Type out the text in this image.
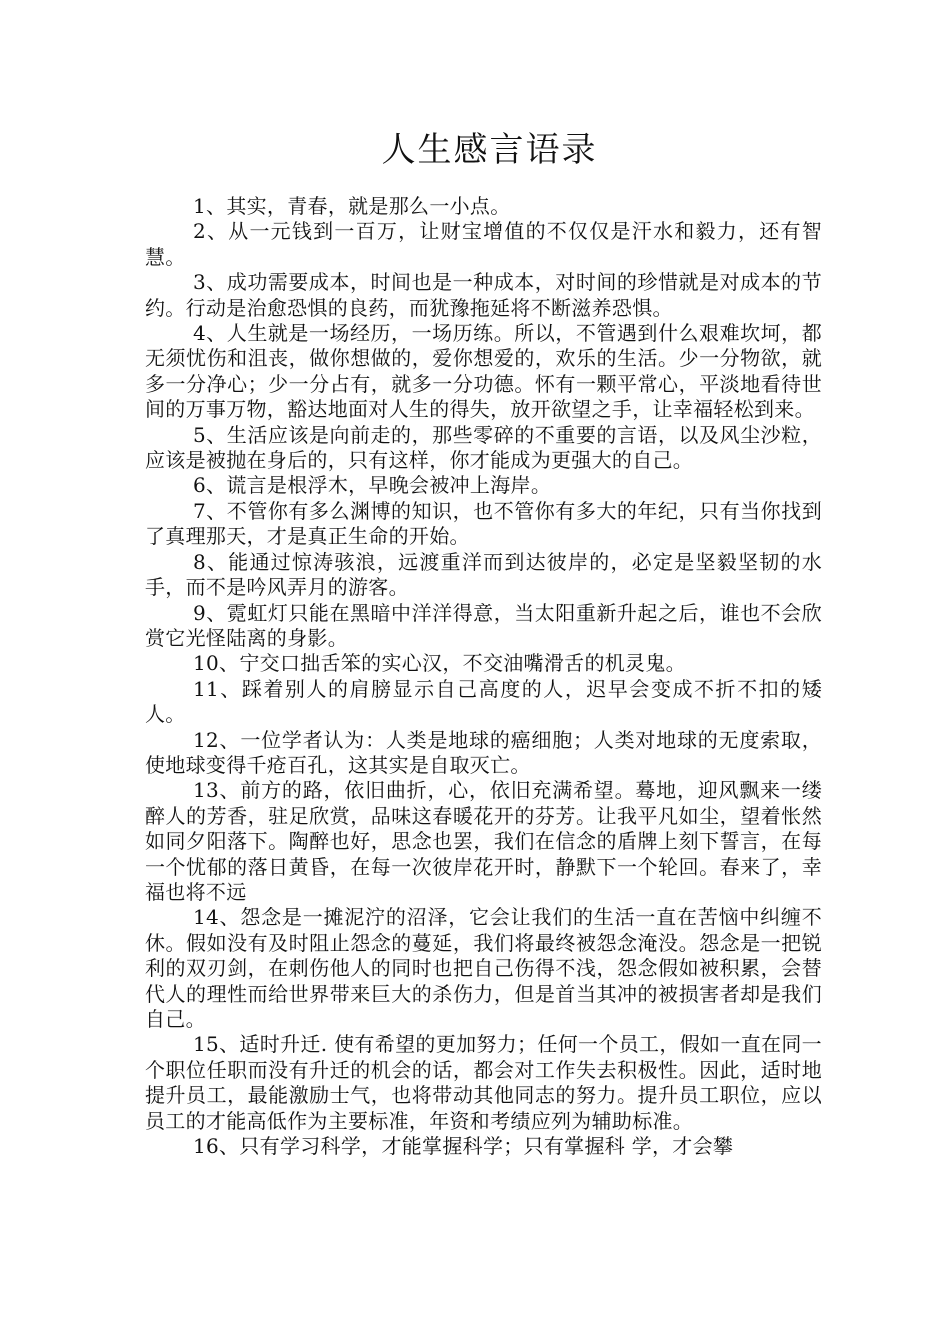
人生感言语录

1、其实，青春，就是那么一小点。

2、从一元钱到一百万，让财宝增值的不仅仅是汗水和毅力，还有智慧。

3、成功需要成本，时间也是一种成本，对时间的珍惜就是对成本的节约。行动是治愈恐惧的良药，而犹豫拖延将不断滋养恐惧。

4、人生就是一场经历，一场历练。所以，不管遇到什么艰难坎坷，都无须忧伤和沮丧，做你想做的，爱你想爱的，欢乐的生活。少一分物欲，就多一分净心；少一分占有，就多一分功德。怀有一颗平常心，平淡地看待世间的万事万物，豁达地面对人生的得失，放开欲望之手，让幸福轻松到来。

5、生活应该是向前走的，那些零碎的不重要的言语，以及风尘沙粒，应该是被抛在身后的，只有这样，你才能成为更强大的自己。

6、谎言是根浮木，早晚会被冲上海岸。

7、不管你有多么渊博的知识，也不管你有多大的年纪，只有当你找到了真理那天，才是真正生命的开始。

8、能通过惊涛骇浪，远渡重洋而到达彼岸的，必定是坚毅坚韧的水手，而不是吟风弄月的游客。

9、霓虹灯只能在黑暗中洋洋得意，当太阳重新升起之后，谁也不会欣赏它光怪陆离的身影。

10、宁交口拙舌笨的实心汉，不交油嘴滑舌的机灵鬼。

11、踩着别人的肩膀显示自己高度的人，迟早会变成不折不扣的矮人。

12、一位学者认为：人类是地球的癌细胞；人类对地球的无度索取，使地球变得千疮百孔，这其实是自取灭亡。

13、前方的路，依旧曲折，心，依旧充满希望。蓦地，迎风飘来一缕醉人的芳香，驻足欣赏，品味这春暖花开的芬芳。让我平凡如尘，望着怅然如同夕阳落下。陶醉也好，思念也罢，我们在信念的盾牌上刻下誓言，在每一个忧郁的落日黄昏，在每一次彼岸花开时，静默下一个轮回。春来了，幸福也将不远

14、怨念是一摊泥泞的沼泽，它会让我们的生活一直在苦恼中纠缠不休。假如没有及时阻止怨念的蔓延，我们将最终被怨念淹没。怨念是一把锐利的双刃剑，在刺伤他人的同时也把自己伤得不浅，怨念假如被积累，会替代人的理性而给世界带来巨大的杀伤力，但是首当其冲的被损害者却是我们自己。

15、适时升迁. 使有希望的更加努力；任何一个员工，假如一直在同一个职位任职而没有升迁的机会的话，都会对工作失去积极性。因此，适时地提升员工，最能激励士气，也将带动其他同志的努力。提升员工职位，应以员工的才能高低作为主要标准，年资和考绩应列为辅助标准。

16、只有学习科学，才能掌握科学；只有掌握科 学，才会攀
